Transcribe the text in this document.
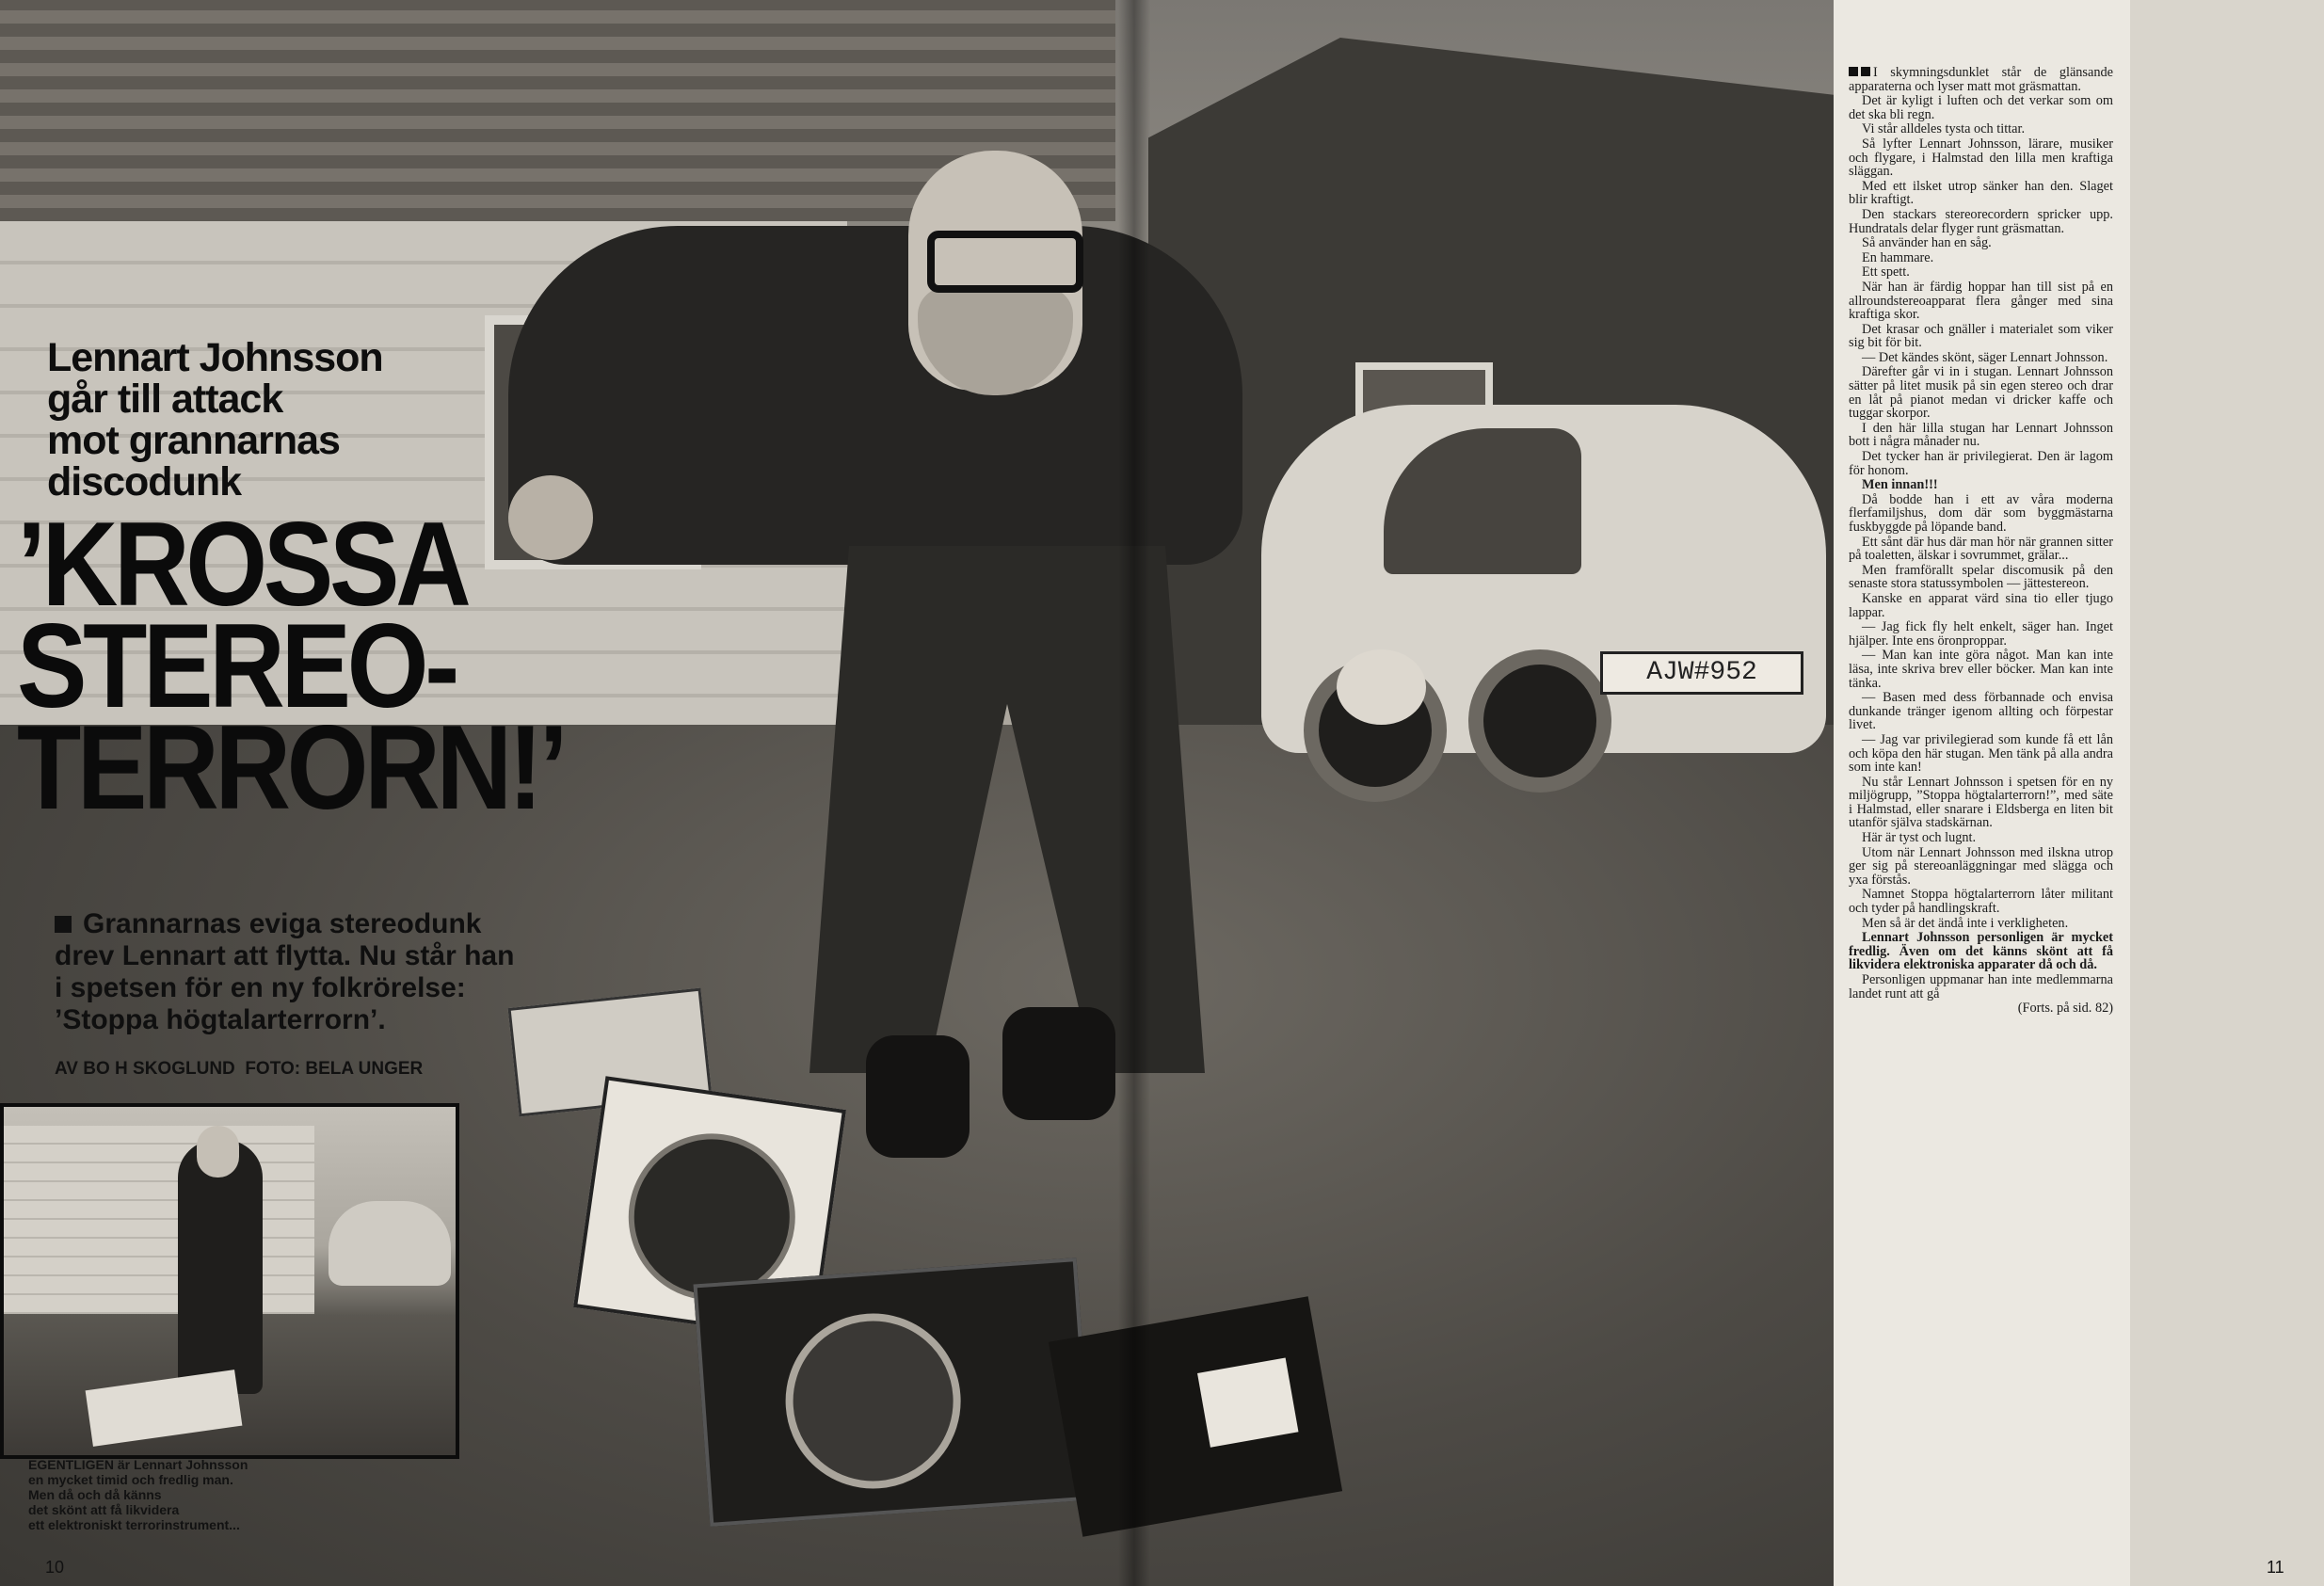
AJW#952
Lennart Johnsson
går till attack
mot grannarnas
discodunk
’KROSSA
STEREO-
TERRORN!’
Grannarnas eviga stereodunk
drev Lennart att flytta. Nu står han
i spetsen för en ny folkrörelse:
’Stoppa högtalarterrorn’.
AV BO H SKOGLUND  FOTO: BELA UNGER
EGENTLIGEN är Lennart Johnsson
en mycket timid och fredlig man.
Men då och då känns
det skönt att få likvidera
ett elektroniskt terrorinstrument...
10

I skymningsdunklet står de glänsande apparaterna och lyser matt mot gräsmattan.

Det är kyligt i luften och det verkar som om det ska bli regn.

Vi står alldeles tysta och tittar.

Så lyfter Lennart Johnsson, lärare, musiker och flygare, i Halmstad den lilla men kraftiga släggan.

Med ett ilsket utrop sänker han den. Slaget blir kraftigt.

Den stackars stereorecordern spricker upp. Hundratals delar flyger runt gräsmattan.

Så använder han en såg.

En hammare.

Ett spett.

När han är färdig hoppar han till sist på en allroundstereoapparat flera gånger med sina kraftiga skor.

Det krasar och gnäller i materialet som viker sig bit för bit.

— Det kändes skönt, säger Lennart Johnsson.

Därefter går vi in i stugan. Lennart Johnsson sätter på litet musik på sin egen stereo och drar en låt på pianot medan vi dricker kaffe och tuggar skorpor.

I den här lilla stugan har Lennart Johnsson bott i några månader nu.

Det tycker han är privilegierat. Den är lagom för honom.

Men innan!!!

Då bodde han i ett av våra moderna flerfamiljshus, dom där som byggmästarna fuskbyggde på löpande band.

Ett sånt där hus där man hör när grannen sitter på toaletten, älskar i sovrummet, grälar...

Men framförallt spelar discomusik på den senaste stora statussymbolen — jättestereon.

Kanske en apparat värd sina tio eller tjugo lappar.

— Jag fick fly helt enkelt, säger han. Inget hjälper. Inte ens öronproppar.

— Man kan inte göra något. Man kan inte läsa, inte skriva brev eller böcker. Man kan inte tänka.

— Basen med dess förbannade och envisa dunkande tränger igenom allting och förpestar livet.

— Jag var privilegierad som kunde få ett lån och köpa den här stugan. Men tänk på alla andra som inte kan!

Nu står Lennart Johnsson i spetsen för en ny miljögrupp, ”Stoppa högtalarterrorn!”, med säte i Halmstad, eller snarare i Eldsberga en liten bit utanför själva stadskärnan.

Här är tyst och lugnt.

Utom när Lennart Johnsson med ilskna utrop ger sig på stereoanläggningar med slägga och yxa förstås.

Namnet Stoppa högtalarterrorn låter militant och tyder på handlingskraft.

Men så är det ändå inte i verkligheten.

Lennart Johnsson personligen är mycket fredlig. Även om det känns skönt att få likvidera elektroniska apparater då och då.

Personligen uppmanar han inte medlemmarna landet runt att gå

(Forts. på sid. 82)

11
